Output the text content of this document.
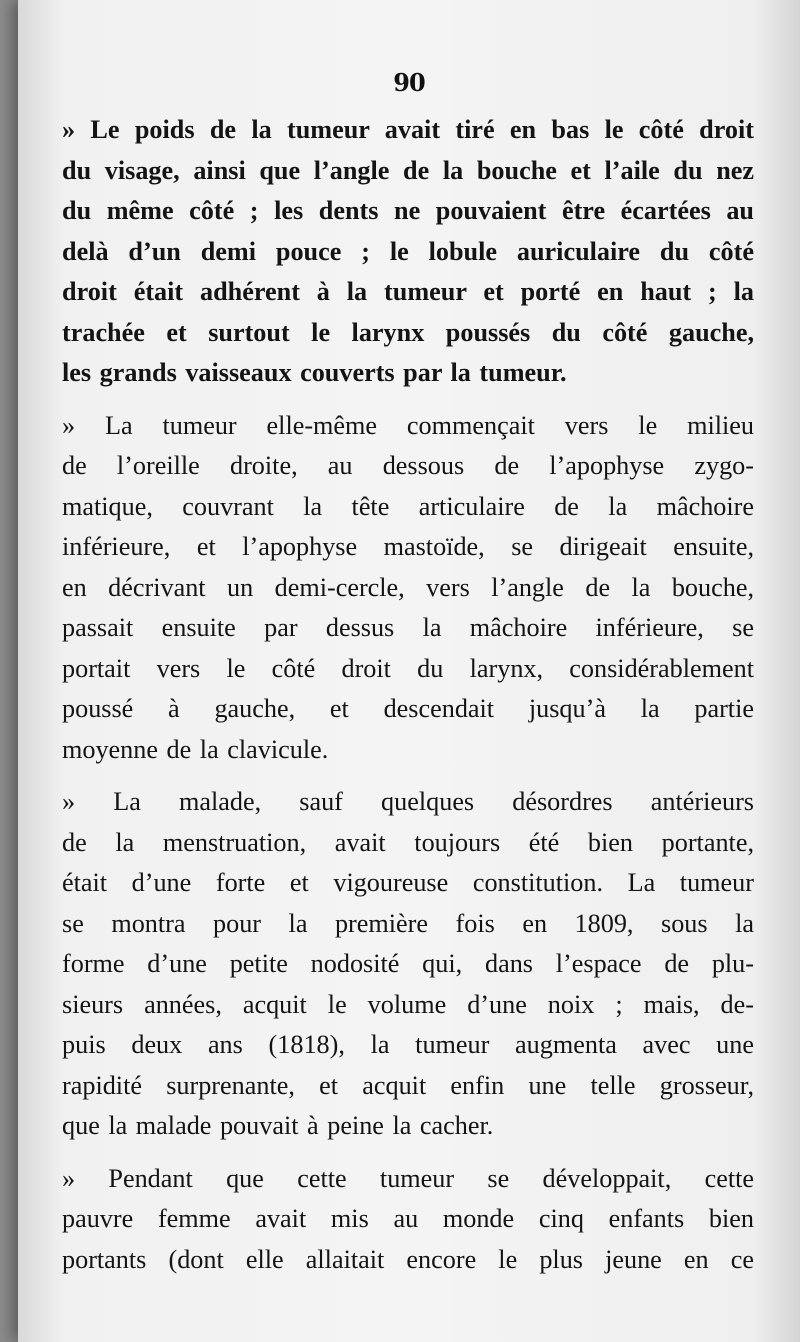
90

» Le poids de la tumeur avait tiré en bas le côté droit
du visage, ainsi que l’angle de la bouche et l’aile du nez
du même côté ; les dents ne pouvaient être écartées au
delà d’un demi pouce ; le lobule auriculaire du côté
droit était adhérent à la tumeur et porté en haut ; la
trachée et surtout le larynx poussés du côté gauche,
les grands vaisseaux couverts par la tumeur.

» La tumeur elle-même commençait vers le milieu
de l’oreille droite, au dessous de l’apophyse zygo-
matique, couvrant la tête articulaire de la mâchoire
inférieure, et l’apophyse mastoïde, se dirigeait ensuite,
en décrivant un demi-cercle, vers l’angle de la bouche,
passait ensuite par dessus la mâchoire inférieure, se
portait vers le côté droit du larynx, considérablement
poussé à gauche, et descendait jusqu’à la partie
moyenne de la clavicule.

» La malade, sauf quelques désordres antérieurs
de la menstruation, avait toujours été bien portante,
était d’une forte et vigoureuse constitution. La tumeur
se montra pour la première fois en 1809, sous la
forme d’une petite nodosité qui, dans l’espace de plu-
sieurs années, acquit le volume d’une noix ; mais, de-
puis deux ans (1818), la tumeur augmenta avec une
rapidité surprenante, et acquit enfin une telle grosseur,
que la malade pouvait à peine la cacher.

» Pendant que cette tumeur se développait, cette
pauvre femme avait mis au monde cinq enfants bien
portants (dont elle allaitait encore le plus jeune en ce
